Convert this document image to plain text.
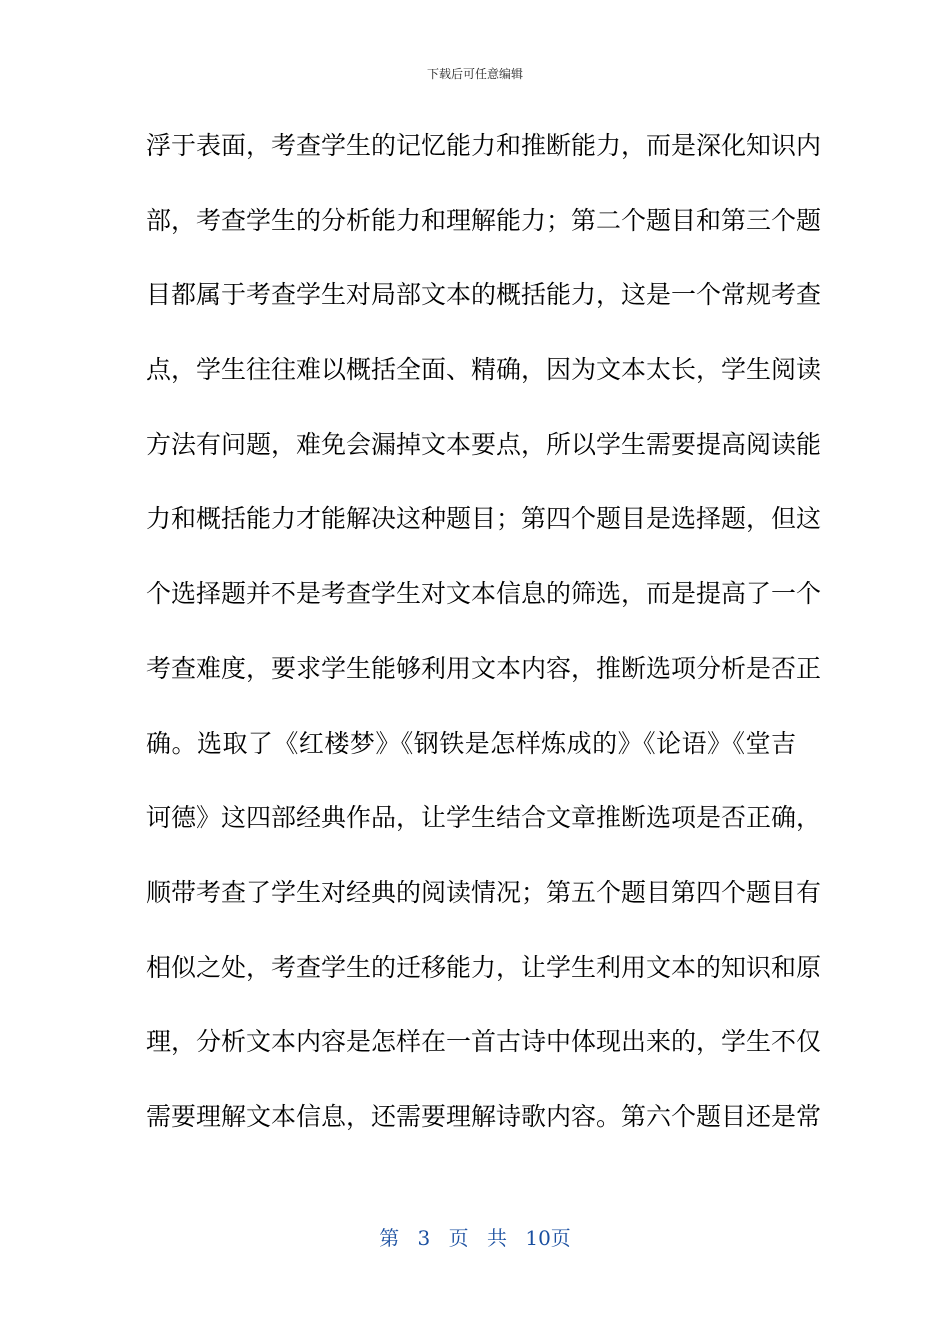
下载后可任意编辑
浮于表面，考查学生的记忆能力和推断能力，而是深化知识内
部，考查学生的分析能力和理解能力；第二个题目和第三个题
目都属于考查学生对局部文本的概括能力，这是一个常规考查
点，学生往往难以概括全面、精确，因为文本太长，学生阅读
方法有问题，难免会漏掉文本要点，所以学生需要提高阅读能
力和概括能力才能解决这种题目；第四个题目是选择题，但这
个选择题并不是考查学生对文本信息的筛选，而是提高了一个
考查难度，要求学生能够利用文本内容，推断选项分析是否正
确。选取了《红楼梦》《钢铁是怎样炼成的》《论语》《堂吉
诃德》这四部经典作品，让学生结合文章推断选项是否正确，
顺带考查了学生对经典的阅读情况；第五个题目第四个题目有
相似之处，考查学生的迁移能力，让学生利用文本的知识和原
理，分析文本内容是怎样在一首古诗中体现出来的，学生不仅
需要理解文本信息，还需要理解诗歌内容。第六个题目还是常
第 3 页 共 10页
